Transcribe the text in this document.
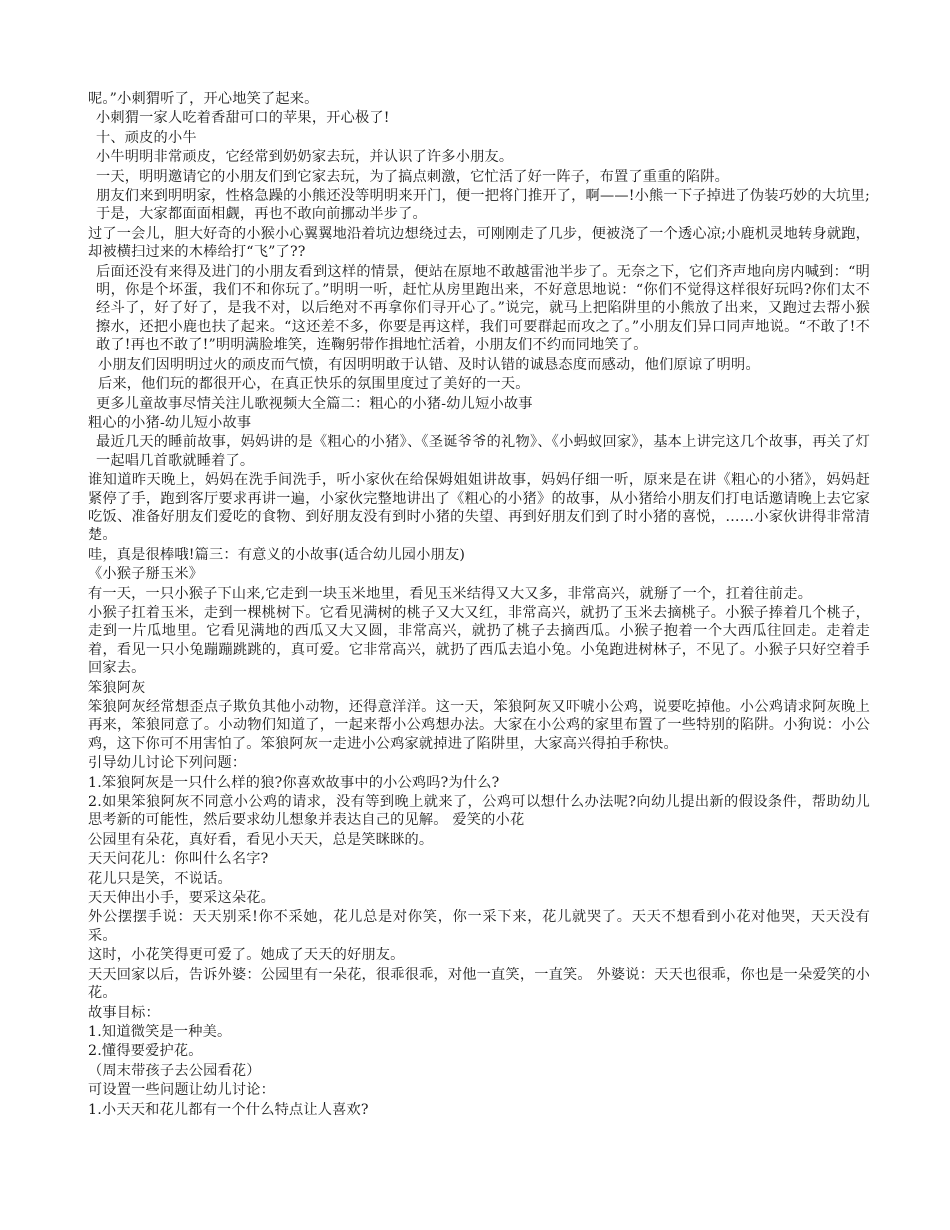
呢。”小刺猬听了，开心地笑了起来。

小刺猬一家人吃着香甜可口的苹果，开心极了!

十、顽皮的小牛

小牛明明非常顽皮，它经常到奶奶家去玩，并认识了许多小朋友。

一天，明明邀请它的小朋友们到它家去玩，为了搞点刺激，它忙活了好一阵子，布置了重重的陷阱。

朋友们来到明明家，性格急躁的小熊还没等明明来开门，便一把将门推开了，啊——!小熊一下子掉进了伪装巧妙的大坑里;于是，大家都面面相觑，再也不敢向前挪动半步了。

过了一会儿，胆大好奇的小猴小心翼翼地沿着坑边想绕过去，可刚刚走了几步，便被浇了一个透心凉;小鹿机灵地转身就跑，却被横扫过来的木棒给打“飞”了??

后面还没有来得及进门的小朋友看到这样的情景，便站在原地不敢越雷池半步了。无奈之下，它们齐声地向房内喊到：“明明，你是个坏蛋，我们不和你玩了。”明明一听，赶忙从房里跑出来，不好意思地说：“你们不觉得这样很好玩吗?你们太不经斗了，好了好了，是我不对，以后绝对不再拿你们寻开心了。”说完，就马上把陷阱里的小熊放了出来，又跑过去帮小猴擦水，还把小鹿也扶了起来。“这还差不多，你要是再这样，我们可要群起而攻之了。”小朋友们异口同声地说。“不敢了!不敢了!再也不敢了!”明明满脸堆笑，连鞠躬带作揖地忙活着，小朋友们不约而同地笑了。

小朋友们因明明过火的顽皮而气愤，有因明明敢于认错、及时认错的诚恳态度而感动，他们原谅了明明。

后来，他们玩的都很开心，在真正快乐的氛围里度过了美好的一天。

更多儿童故事尽情关注儿歌视频大全篇二：粗心的小猪-幼儿短小故事

粗心的小猪-幼儿短小故事

最近几天的睡前故事，妈妈讲的是《粗心的小猪》、《圣诞爷爷的礼物》、《小蚂蚁回家》，基本上讲完这几个故事，再关了灯一起唱几首歌就睡着了。

谁知道昨天晚上，妈妈在洗手间洗手，听小家伙在给保姆姐姐讲故事，妈妈仔细一听，原来是在讲《粗心的小猪》，妈妈赶紧停了手，跑到客厅要求再讲一遍，小家伙完整地讲出了《粗心的小猪》的故事，从小猪给小朋友们打电话邀请晚上去它家吃饭、准备好朋友们爱吃的食物、到好朋友没有到时小猪的失望、再到好朋友们到了时小猪的喜悦，……小家伙讲得非常清楚。

哇，真是很棒哦!篇三：有意义的小故事(适合幼儿园小朋友)

《小猴子掰玉米》

有一天，一只小猴子下山来,它走到一块玉米地里，看见玉米结得又大又多，非常高兴，就掰了一个，扛着往前走。

小猴子扛着玉米，走到一棵桃树下。它看见满树的桃子又大又红，非常高兴，就扔了玉米去摘桃子。小猴子捧着几个桃子，走到一片瓜地里。它看见满地的西瓜又大又圆，非常高兴，就扔了桃子去摘西瓜。小猴子抱着一个大西瓜往回走。走着走着，看见一只小兔蹦蹦跳跳的，真可爱。它非常高兴，就扔了西瓜去追小兔。小兔跑进树林子，不见了。小猴子只好空着手回家去。

笨狼阿灰

笨狼阿灰经常想歪点子欺负其他小动物，还得意洋洋。这一天，笨狼阿灰又吓唬小公鸡，说要吃掉他。小公鸡请求阿灰晚上再来，笨狼同意了。小动物们知道了，一起来帮小公鸡想办法。大家在小公鸡的家里布置了一些特别的陷阱。小狗说：小公鸡，这下你可不用害怕了。笨狼阿灰一走进小公鸡家就掉进了陷阱里，大家高兴得拍手称快。

引导幼儿讨论下列问题：

1.笨狼阿灰是一只什么样的狼?你喜欢故事中的小公鸡吗?为什么?

2.如果笨狼阿灰不同意小公鸡的请求，没有等到晚上就来了，公鸡可以想什么办法呢?向幼儿提出新的假设条件，帮助幼儿思考新的可能性，然后要求幼儿想象并表达自己的见解。 爱笑的小花

公园里有朵花，真好看，看见小天天，总是笑眯眯的。

天天问花儿：你叫什么名字?

花儿只是笑，不说话。

天天伸出小手，要采这朵花。

外公摆摆手说：天天别采!你不采她，花儿总是对你笑，你一采下来，花儿就哭了。天天不想看到小花对他哭，天天没有采。

这时，小花笑得更可爱了。她成了天天的好朋友。

天天回家以后，告诉外婆：公园里有一朵花，很乖很乖，对他一直笑，一直笑。 外婆说：天天也很乖，你也是一朵爱笑的小花。

故事目标：

1.知道微笑是一种美。

2.懂得要爱护花。

（周末带孩子去公园看花）

可设置一些问题让幼儿讨论：

1.小天天和花儿都有一个什么特点让人喜欢?
